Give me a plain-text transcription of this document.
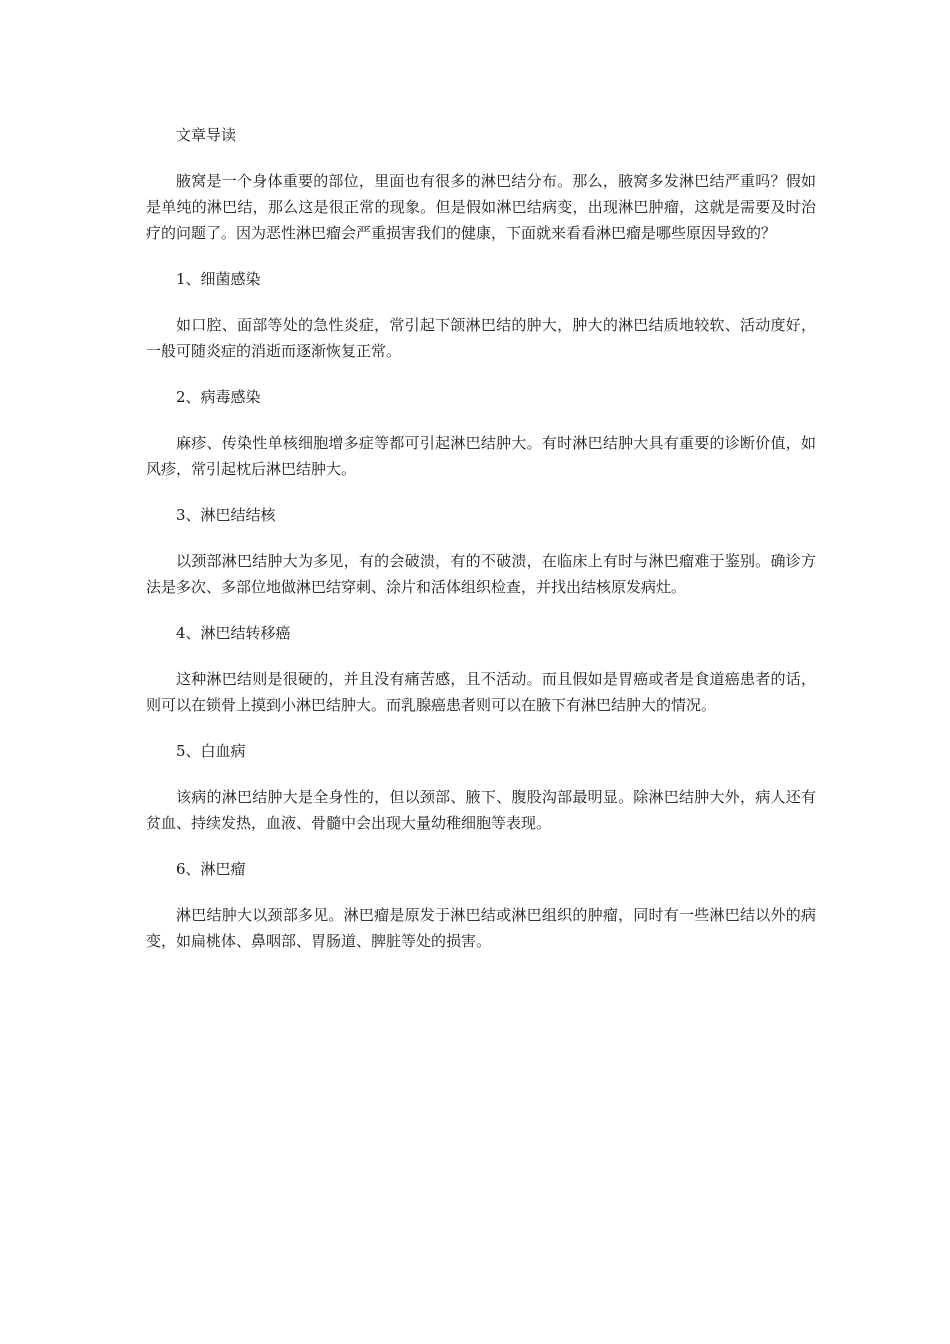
文章导读

腋窝是一个身体重要的部位，里面也有很多的淋巴结分布。那么，腋窝多发淋巴结严重吗？假如是单纯的淋巴结，那么这是很正常的现象。但是假如淋巴结病变，出现淋巴肿瘤，这就是需要及时治疗的问题了。因为恶性淋巴瘤会严重损害我们的健康，下面就来看看淋巴瘤是哪些原因导致的？

1、细菌感染

如口腔、面部等处的急性炎症，常引起下颌淋巴结的肿大，肿大的淋巴结质地较软、活动度好，一般可随炎症的消逝而逐渐恢复正常。

2、病毒感染

麻疹、传染性单核细胞增多症等都可引起淋巴结肿大。有时淋巴结肿大具有重要的诊断价值，如风疹，常引起枕后淋巴结肿大。

3、淋巴结结核

以颈部淋巴结肿大为多见，有的会破溃，有的不破溃，在临床上有时与淋巴瘤难于鉴别。确诊方法是多次、多部位地做淋巴结穿刺、涂片和活体组织检查，并找出结核原发病灶。

4、淋巴结转移癌

这种淋巴结则是很硬的，并且没有痛苦感，且不活动。而且假如是胃癌或者是食道癌患者的话，则可以在锁骨上摸到小淋巴结肿大。而乳腺癌患者则可以在腋下有淋巴结肿大的情况。

5、白血病

该病的淋巴结肿大是全身性的，但以颈部、腋下、腹股沟部最明显。除淋巴结肿大外，病人还有贫血、持续发热，血液、骨髓中会出现大量幼稚细胞等表现。

6、淋巴瘤

淋巴结肿大以颈部多见。淋巴瘤是原发于淋巴结或淋巴组织的肿瘤，同时有一些淋巴结以外的病变，如扁桃体、鼻咽部、胃肠道、脾脏等处的损害。
